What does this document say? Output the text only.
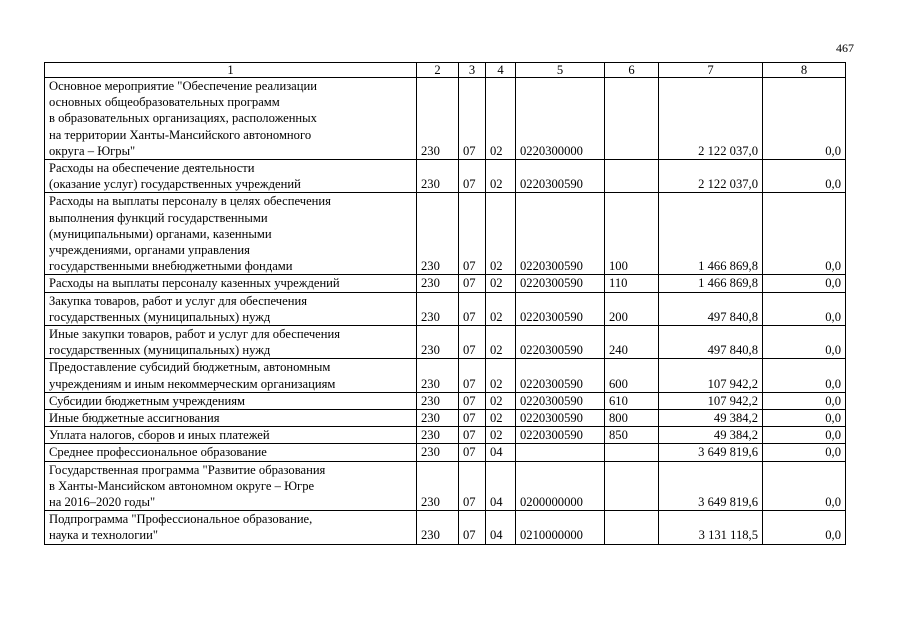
467
1	2	3	4	5	6	7	8

Основное мероприятие "Обеспечение реализации
основных общеобразовательных программ
в образовательных организациях, расположенных
на территории Ханты-Мансийского автономного
округа – Югры"	230	07	02	0220300000		2 122 037,0	0,0

Расходы на обеспечение деятельности
(оказание услуг) государственных учреждений	230	07	02	0220300590		2 122 037,0	0,0

Расходы на выплаты персоналу в целях обеспечения
выполнения функций государственными
(муниципальными) органами, казенными
учреждениями, органами управления
государственными внебюджетными фондами	230	07	02	0220300590	100	1 466 869,8	0,0

Расходы на выплаты персоналу казенных учреждений	230	07	02	0220300590	110	1 466 869,8	0,0

Закупка товаров, работ и услуг для обеспечения
государственных (муниципальных) нужд	230	07	02	0220300590	200	497 840,8	0,0

Иные закупки товаров, работ и услуг для обеспечения
государственных (муниципальных) нужд	230	07	02	0220300590	240	497 840,8	0,0

Предоставление субсидий бюджетным, автономным
учреждениям и иным некоммерческим организациям	230	07	02	0220300590	600	107 942,2	0,0

Субсидии бюджетным учреждениям	230	07	02	0220300590	610	107 942,2	0,0

Иные бюджетные ассигнования	230	07	02	0220300590	800	49 384,2	0,0

Уплата налогов, сборов и иных платежей	230	07	02	0220300590	850	49 384,2	0,0

Среднее профессиональное образование	230	07	04			3 649 819,6	0,0

Государственная программа "Развитие образования
в Ханты-Мансийском автономном округе – Югре
на 2016–2020 годы"	230	07	04	0200000000		3 649 819,6	0,0

Подпрограмма "Профессиональное образование,
наука и технологии"	230	07	04	0210000000		3 131 118,5	0,0
